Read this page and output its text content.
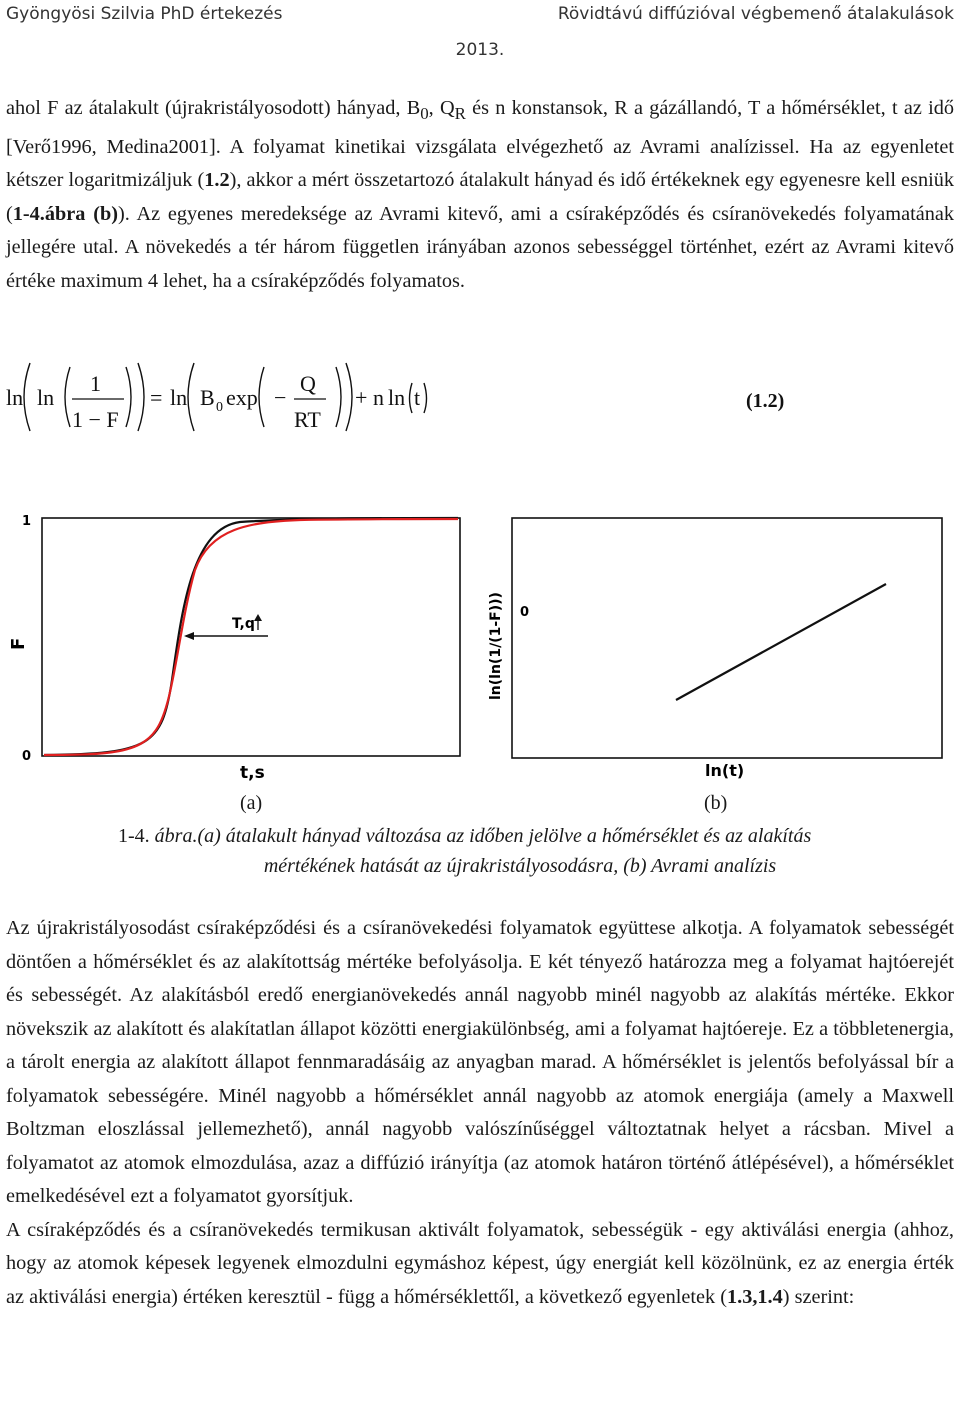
Gyöngyösi Szilvia PhD értekezés	Rövidtávú diffúzióval végbemenő átalakulások
2013.

ahol F az átalakult (újrakristályosodott) hányad, $B_0$, $Q_R$ és n konstansok, R a gázállandó, T a hőmérséklet, t az idő [Verő1996, Medina2001]. A folyamat kinetikai vizsgálata elvégezhető az Avrami analízissel. Ha az egyenletet kétszer logaritmizáljuk (1.2), akkor a mért összetartozó átalakult hányad és idő értékeknek egy egyenesre kell esniük (1-4.ábra (b)). Az egyenes meredeksége az Avrami kitevő, ami a csíraképződés és csíranövekedés folyamatának jellegére utal. A növekedés a tér három független irányában azonos sebességgel történhet, ezért az Avrami kitevő értéke maximum 4 lehet, ha a csíraképződés folyamatos.

ln ln
1
1 − F
= ln B 0 exp −
Q
RT
+ n ln t	(1.2)
1
0
F
t,s
T,q
0
ln(ln(1/(1-F)))
ln(t)
(a)	(b)
1-4. ábra.(a) átalakult hányad változása az időben jelölve a hőmérséklet és az alakítás
mértékének hatását az újrakristályosodásra, (b) Avrami analízis

Az újrakristályosodást csíraképződési és a csíranövekedési folyamatok együttese alkotja. A folyamatok sebességét döntően a hőmérséklet és az alakítottság mértéke befolyásolja. E két tényező határozza meg a folyamat hajtóerejét és sebességét. Az alakításból eredő energianövekedés annál nagyobb minél nagyobb az alakítás mértéke. Ekkor növekszik az alakított és alakítatlan állapot közötti energiakülönbség, ami a folyamat hajtóereje. Ez a többletenergia, a tárolt energia az alakított állapot fennmaradásáig az anyagban marad. A hőmérséklet is jelentős befolyással bír a folyamatok sebességére. Minél nagyobb a hőmérséklet annál nagyobb az atomok energiája (amely a Maxwell Boltzman eloszlással jellemezhető), annál nagyobb valószínűséggel változtatnak helyet a rácsban. Mivel a folyamatot az atomok elmozdulása, azaz a diffúzió irányítja (az atomok határon történő átlépésével), a hőmérséklet emelkedésével ezt a folyamatot gyorsítjuk.

A csíraképződés és a csíranövekedés termikusan aktivált folyamatok, sebességük - egy aktiválási energia (ahhoz, hogy az atomok képesek legyenek elmozdulni egymáshoz képest, úgy energiát kell közölnünk, ez az energia érték az aktiválási energia) értéken keresztül - függ a hőmérséklettől, a következő egyenletek (1.3,1.4) szerint:
